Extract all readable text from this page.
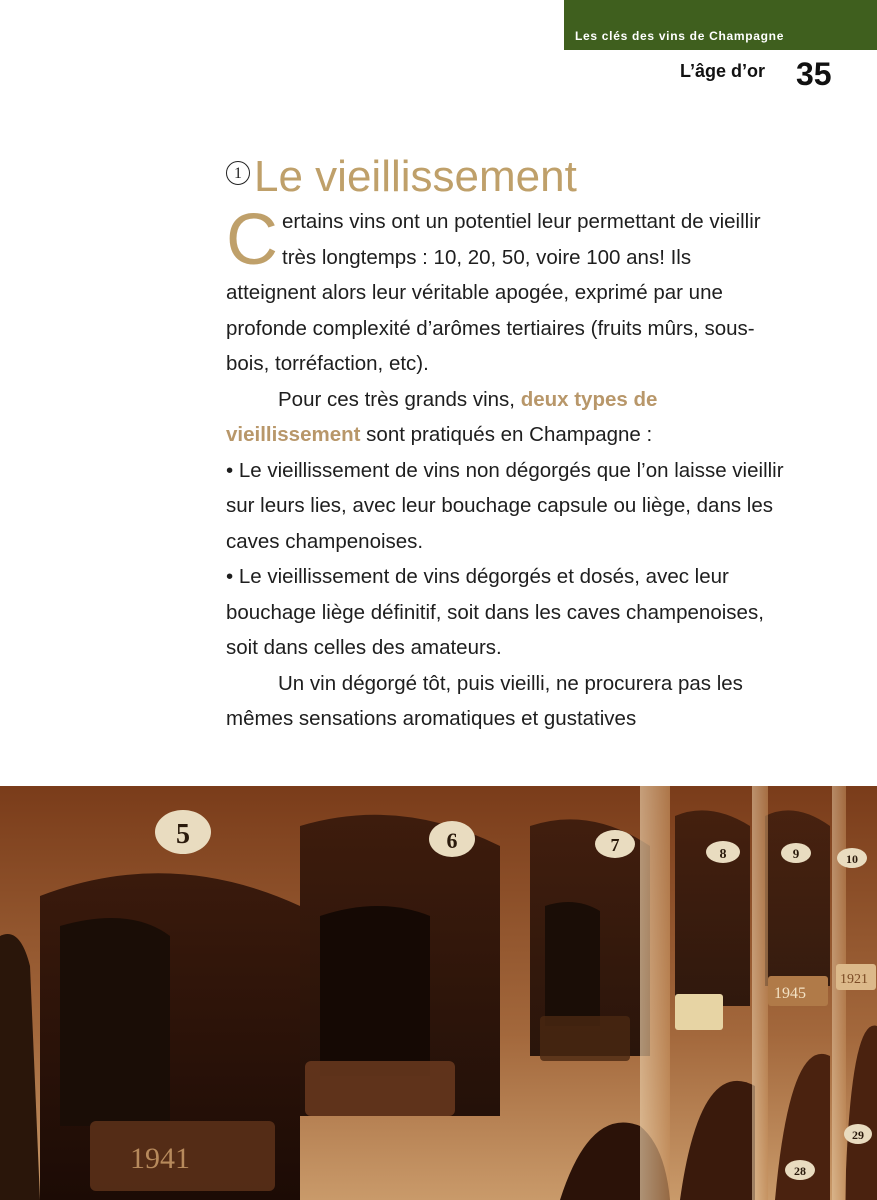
Les clés des vins de Champagne
L’âge d’or 35
1 Le vieillissement

Certains vins ont un potentiel leur permettant de vieillir très longtemps : 10, 20, 50, voire 100 ans! Ils atteignent alors leur véritable apogée, exprimé par une profonde complexité d’arômes tertiaires (fruits mûrs, sous-bois, torréfaction, etc).

Pour ces très grands vins, deux types de vieillissement sont pratiqués en Champagne :

• Le vieillissement de vins non dégorgés que l’on laisse vieillir sur leurs lies, avec leur bouchage capsule ou liège, dans les caves champenoises.

• Le vieillissement de vins dégorgés et dosés, avec leur bouchage liège définitif, soit dans les caves champenoises, soit dans celles des amateurs.

Un vin dégorgé tôt, puis vieilli, ne procurera pas les mêmes sensations aromatiques et gustatives

1941
1945
1921
5	6	7	8	9	10
29
28
